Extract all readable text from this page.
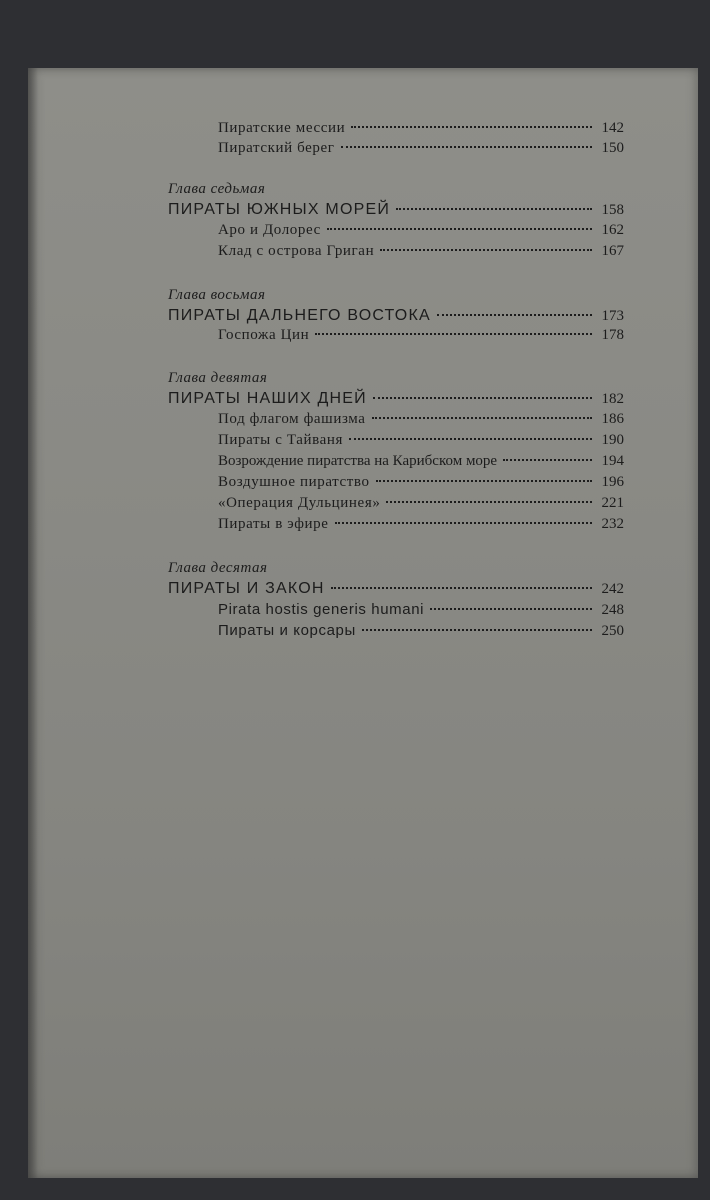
Пиратские мессии	142
Пиратский берег	150
Глава седьмая
ПИРАТЫ ЮЖНЫХ МОРЕЙ	158
Аро и Долорес	162
Клад с острова Григан	167
Глава восьмая
ПИРАТЫ ДАЛЬНЕГО ВОСТОКА	173
Госпожа Цин	178
Глава девятая
ПИРАТЫ НАШИХ ДНЕЙ	182
Под флагом фашизма	186
Пираты с Тайваня	190
Возрождение пиратства на Карибском море	194
Воздушное пиратство	196
«Операция Дульцинея»	221
Пираты в эфире	232
Глава десятая
ПИРАТЫ И ЗАКОН	242
Pirata hostis generis humani	248
Пираты и корсары	250
